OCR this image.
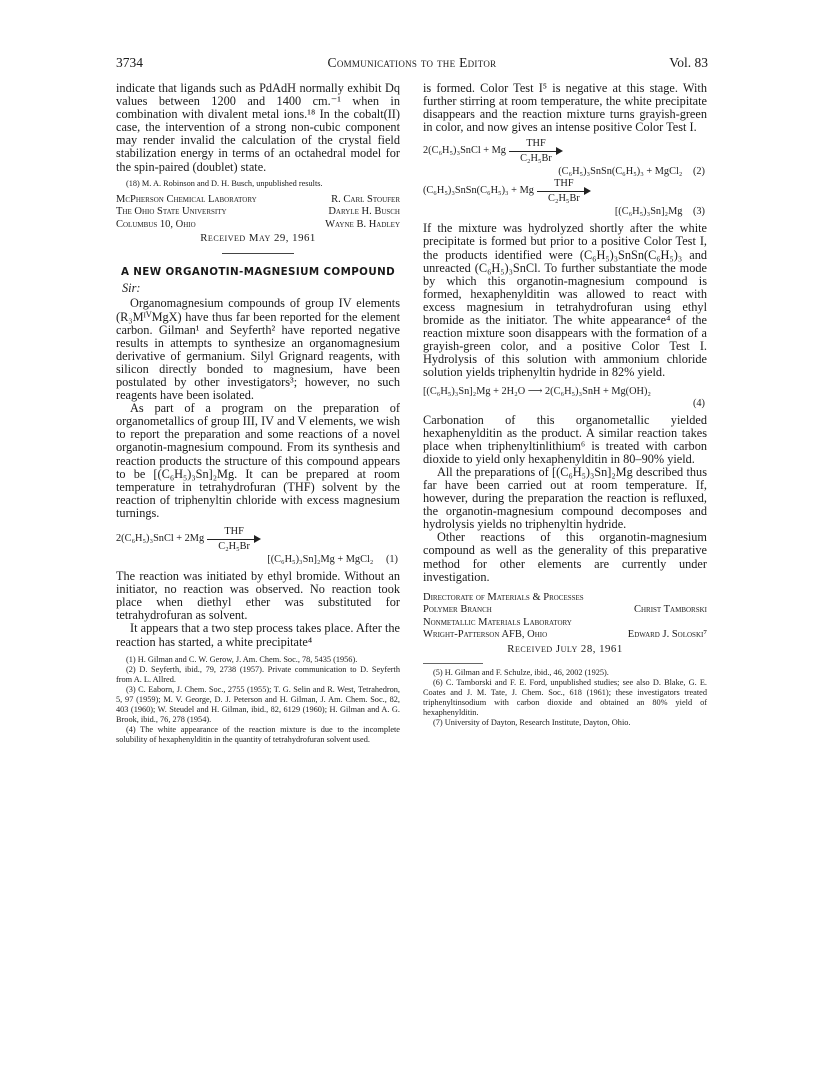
3734	Communications to the Editor	Vol. 83

indicate that ligands such as PdAdH normally exhibit Dq values between 1200 and 1400 cm.⁻¹ when in combination with divalent metal ions.¹⁸ In the cobalt(II) case, the intervention of a strong non-cubic component may render invalid the calculation of the crystal field stabilization energy in terms of an octahedral model for the spin-paired (doublet) state.

(18) M. A. Robinson and D. H. Busch, unpublished results.

McPherson Chemical Laboratory	R. Carl Stoufer
The Ohio State University	Daryle H. Busch
Columbus 10, Ohio	Wayne B. Hadley
Received May 29, 1961
A NEW ORGANOTIN-MAGNESIUM COMPOUND
Sir:

Organomagnesium compounds of group IV elements (R₃MᴵⱽMgX) have thus far been reported for the element carbon. Gilman¹ and Seyferth² have reported negative results in attempts to synthesize an organomagnesium derivative of germanium. Silyl Grignard reagents, with silicon directly bonded to magnesium, have been postulated by other investigators³; however, no such reagents have been isolated.

As part of a program on the preparation of organometallics of group III, IV and V elements, we wish to report the preparation and some reactions of a novel organotin-magnesium compound. From its synthesis and reaction products the structure of this compound appears to be [(C₆H₅)₃Sn]₂Mg. It can be prepared at room temperature in tetrahydrofuran (THF) solvent by the reaction of triphenyltin chloride with excess magnesium turnings.

2(C₆H₅)₃SnCl + 2Mg
THF
C₂H₅Br
[(C₆H₅)₃Sn]₂Mg + MgCl₂ (1)

The reaction was initiated by ethyl bromide. Without an initiator, no reaction was observed. No reaction took place when diethyl ether was substituted for tetrahydrofuran as solvent.

It appears that a two step process takes place. After the reaction has started, a white precipitate⁴

(1) H. Gilman and C. W. Gerow, J. Am. Chem. Soc., 78, 5435 (1956).

(2) D. Seyferth, ibid., 79, 2738 (1957). Private communication to D. Seyferth from A. L. Allred.

(3) C. Eaborn, J. Chem. Soc., 2755 (1955); T. G. Selin and R. West, Tetrahedron, 5, 97 (1959); M. V. George, D. J. Peterson and H. Gilman, J. Am. Chem. Soc., 82, 403 (1960); W. Steudel and H. Gilman, ibid., 82, 6129 (1960); H. Gilman and A. G. Brook, ibid., 76, 278 (1954).

(4) The white appearance of the reaction mixture is due to the incomplete solubility of hexaphenylditin in the quantity of tetrahydrofuran solvent used.

is formed. Color Test I⁵ is negative at this stage. With further stirring at room temperature, the white precipitate disappears and the reaction mixture turns grayish-green in color, and now gives an intense positive Color Test I.

2(C₆H₅)₃SnCl + Mg
THF
C₂H₅Br
(C₆H₅)₃SnSn(C₆H₅)₃ + MgCl₂ (2)
(C₆H₅)₃SnSn(C₆H₅)₃ + Mg
THF
C₂H₅Br
[(C₆H₅)₃Sn]₂Mg (3)

If the mixture was hydrolyzed shortly after the white precipitate is formed but prior to a positive Color Test I, the products identified were (C₆H₅)₃SnSn(C₆H₅)₃ and unreacted (C₆H₅)₃SnCl. To further substantiate the mode by which this organotin-magnesium compound is formed, hexaphenylditin was allowed to react with excess magnesium in tetrahydrofuran using ethyl bromide as the initiator. The white appearance⁴ of the reaction mixture soon disappears with the formation of a grayish-green color, and a positive Color Test I. Hydrolysis of this solution with ammonium chloride solution yields triphenyltin hydride in 82% yield.

[(C₆H₅)₃Sn]₂Mg + 2H₂O ⟶ 2(C₆H₅)₃SnH + Mg(OH)₂
(4)

Carbonation of this organometallic yielded hexaphenylditin as the product. A similar reaction takes place when triphenyltinlithium⁶ is treated with carbon dioxide to yield only hexaphenylditin in 80–90% yield.

All the preparations of [(C₆H₅)₃Sn]₂Mg described thus far have been carried out at room temperature. If, however, during the preparation the reaction is refluxed, the organotin-magnesium compound decomposes and hydrolysis yields no triphenyltin hydride.

Other reactions of this organotin-magnesium compound as well as the generality of this preparative method for other elements are currently under investigation.

Directorate of Materials & Processes
Polymer Branch	Christ Tamborski
Nonmetallic Materials Laboratory
Wright-Patterson AFB, Ohio	Edward J. Soloski⁷
Received July 28, 1961

(5) H. Gilman and F. Schulze, ibid., 46, 2002 (1925).

(6) C. Tamborski and F. E. Ford, unpublished studies; see also D. Blake, G. E. Coates and J. M. Tate, J. Chem. Soc., 618 (1961); these investigators treated triphenyltinsodium with carbon dioxide and obtained an 80% yield of hexaphenylditin.

(7) University of Dayton, Research Institute, Dayton, Ohio.
